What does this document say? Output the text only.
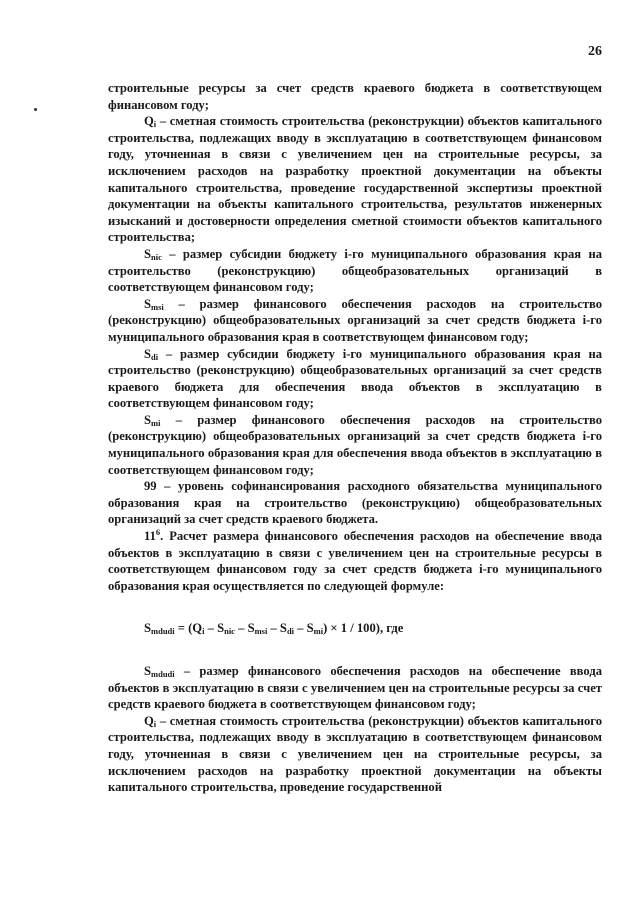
26

строительные ресурсы за счет средств краевого бюджета в соответствующем финансовом году;

$Q_i$ – сметная стоимость строительства (реконструкции) объектов капитального строительства, подлежащих вводу в эксплуатацию в соответствующем финансовом году, уточненная в связи с увеличением цен на строительные ресурсы, за исключением расходов на разработку проектной документации на объекты капитального строительства, проведение государственной экспертизы проектной документации на объекты капитального строительства, результатов инженерных изысканий и достоверности определения сметной стоимости объектов капитального строительства;

$S_{nic}$ – размер субсидии бюджету i-го муниципального образования края на строительство (реконструкцию) общеобразовательных организаций в соответствующем финансовом году;

$S_{msi}$ – размер финансового обеспечения расходов на строительство (реконструкцию) общеобразовательных организаций за счет средств бюджета i-го муниципального образования края в соответствующем финансовом году;

$S_{di}$ – размер субсидии бюджету i-го муниципального образования края на строительство (реконструкцию) общеобразовательных организаций за счет средств краевого бюджета для обеспечения ввода объектов в эксплуатацию в соответствующем финансовом году;

$S_{mi}$ – размер финансового обеспечения расходов на строительство (реконструкцию) общеобразовательных организаций за счет средств бюджета i-го муниципального образования края для обеспечения ввода объектов в эксплуатацию в соответствующем финансовом году;

99 – уровень софинансирования расходного обязательства муниципального образования края на строительство (реконструкцию) общеобразовательных организаций за счет средств краевого бюджета.

$11^6$. Расчет размера финансового обеспечения расходов на обеспечение ввода объектов в эксплуатацию в связи с увеличением цен на строительные ресурсы в соответствующем финансовом году за счет средств бюджета i-го муниципального образования края осуществляется по следующей формуле:

$S_{mdudi} = (Q_i - S_{nic} - S_{msi} - S_{di} - S_{mi}) \times 1 / 100$), где

$S_{mdudi}$ – размер финансового обеспечения расходов на обеспечение ввода объектов в эксплуатацию в связи с увеличением цен на строительные ресурсы за счет средств краевого бюджета в соответствующем финансовом году;

$Q_i$ – сметная стоимость строительства (реконструкции) объектов капитального строительства, подлежащих вводу в эксплуатацию в соответствующем финансовом году, уточненная в связи с увеличением цен на строительные ресурсы, за исключением расходов на разработку проектной документации на объекты капитального строительства, проведение государственной
